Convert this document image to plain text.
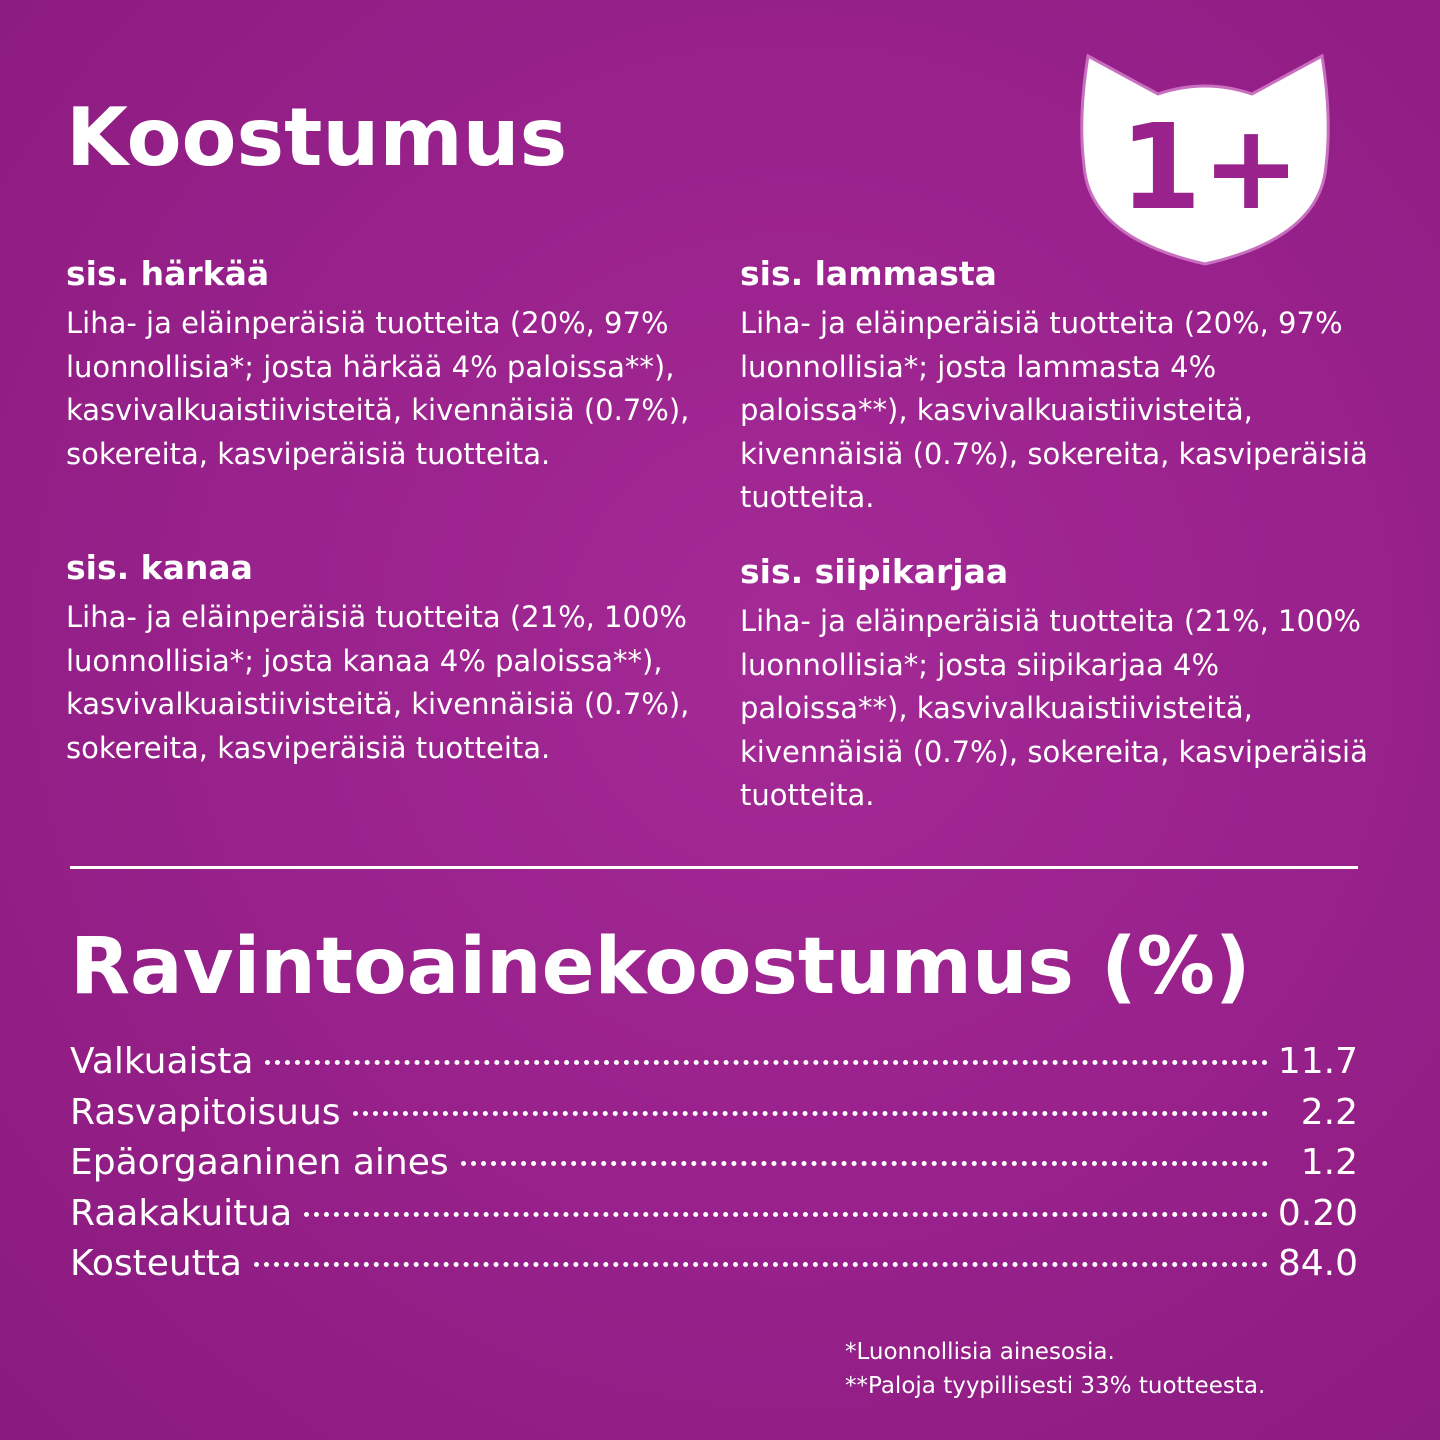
Koostumus	1+
sis. härkää

Liha- ja eläinperäisiä tuotteita (20%, 97% luonnollisia*; josta härkää 4% paloissa**), kasvivalkuaistiivisteitä, kivennäisiä (0.7%), sokereita, kasviperäisiä tuotteita.

sis. lammasta

Liha- ja eläinperäisiä tuotteita (20%, 97% luonnollisia*; josta lammasta 4% paloissa**), kasvivalkuaistiivisteitä, kivennäisiä (0.7%), sokereita, kasviperäisiä tuotteita.

sis. kanaa

Liha- ja eläinperäisiä tuotteita (21%, 100% luonnollisia*; josta kanaa 4% paloissa**), kasvivalkuaistiivisteitä, kivennäisiä (0.7%), sokereita, kasviperäisiä tuotteita.

sis. siipikarjaa

Liha- ja eläinperäisiä tuotteita (21%, 100% luonnollisia*; josta siipikarjaa 4% paloissa**), kasvivalkuaistiivisteitä, kivennäisiä (0.7%), sokereita, kasviperäisiä tuotteita.

Ravintoainekoostumus (%)
Valkuaista	11.7
Rasvapitoisuus	2.2
Epäorgaaninen aines	1.2
Raakakuitua	0.20
Kosteutta	84.0
*Luonnollisia ainesosia.
**Paloja tyypillisesti 33% tuotteesta.
